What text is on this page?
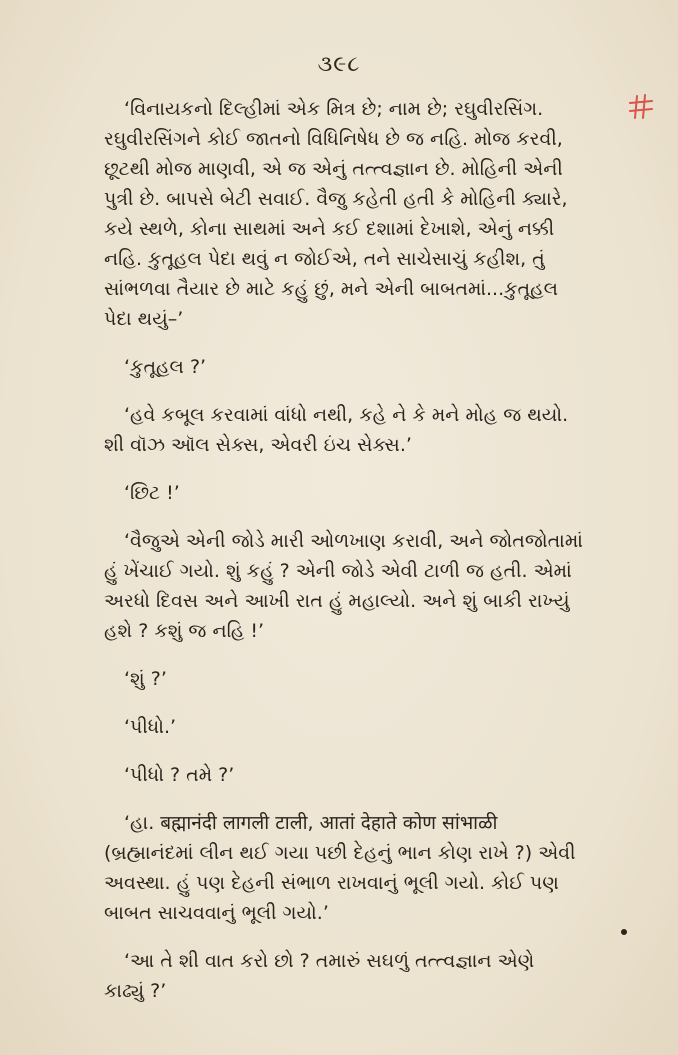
૩૯૮
‘વિનાયકનો દિલ્હીમાં એક મિત્ર છે; નામ છે; રઘુવીરસિંગ.
રઘુવીરસિંગને કોઈ જાતનો વિધિનિષેધ છે જ નહિ. મોજ કરવી,
છૂટથી મોજ માણવી, એ જ એનું તત્ત્વજ્ઞાન છે. મોહિની એની
પુત્રી છે. બાપસે બેટી સવાઈ. વૈજુ કહેતી હતી કે મોહિની ક્યારે,
કયે સ્થળે, કોના સાથમાં અને કઈ દશામાં દેખાશે, એનું નક્કી
નહિ. કુતૂહલ પેદા થવું ન જોઈએ, તને સાચેસાચું કહીશ, તું
સાંભળવા તૈયાર છે માટે કહું છું, મને એની બાબતમાં...કુતૂહલ
પેદા થયું–’
‘કુતૂહલ ?’
‘હવે કબૂલ કરવામાં વાંધો નથી, કહે ને કે મને મોહ જ થયો.
શી વૉઝ ઑલ સેક્સ, એવરી ઇંચ સેક્સ.’
‘છિટ !’
‘વૈજુએ એની જોડે મારી ઓળખાણ કરાવી, અને જોતજોતામાં
હું ખેંચાઈ ગયો. શું કહું ? એની જોડે એવી ટાળી જ હતી. એમાં
અરધો દિવસ અને આખી રાત હું મહાલ્યો. અને શું બાકી રાખ્યું
હશે ? કશું જ નહિ !’
‘શું ?’
‘પીધો.’
‘પીધો ? તમે ?’
‘હા. बह्मानंदी लागली टाली, आतां देहाते कोण सांभाळी
(બ્રહ્માનંદમાં લીન થઈ ગયા પછી દેહનું ભાન કોણ રાખે ?) એવી
અવસ્થા. હું પણ દેહની સંભાળ રાખવાનું ભૂલી ગયો. કોઈ પણ
બાબત સાચવવાનું ભૂલી ગયો.’
‘આ તે શી વાત કરો છો ? તમારું સઘળું તત્ત્વજ્ઞાન એણે
કાઢ્યું ?’
